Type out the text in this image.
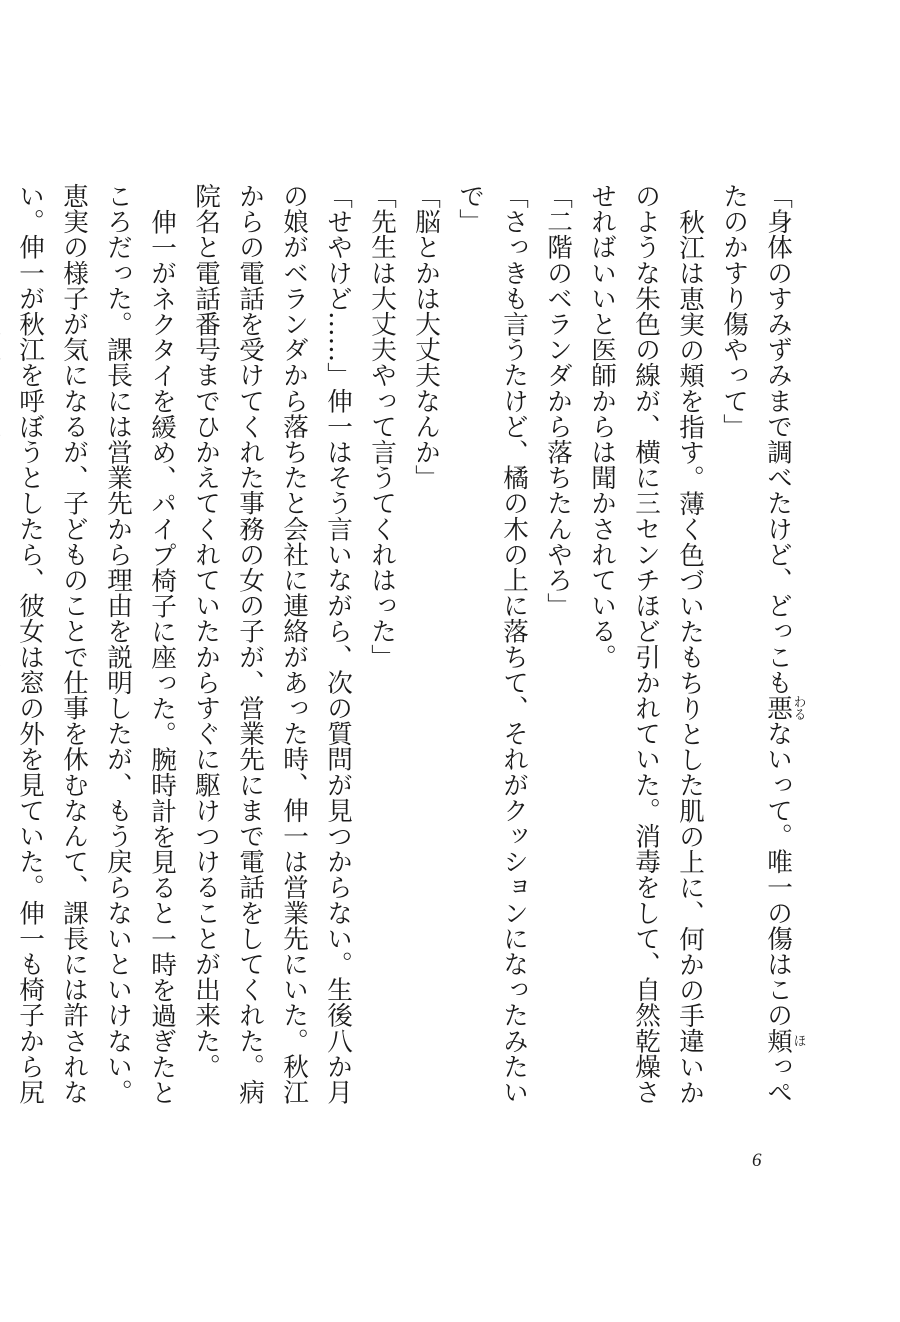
「身体のすみずみまで調べたけど、どっこも悪わるないって。唯一の傷はこの頬ほっぺたのかすり傷やって」

秋江は恵実の頬を指す。薄く色づいたもちりとした肌の上に、何かの手違いかのような朱色の線が、横に三センチほど引かれていた。消毒をして、自然乾燥させればいいと医師からは聞かされている。

「二階のベランダから落ちたんやろ」

「さっきも言うたけど、橘の木の上に落ちて、それがクッションになったみたいで」

「脳とかは大丈夫なんか」

「先生は大丈夫やって言うてくれはった」

「せやけど……」伸一はそう言いながら、次の質問が見つからない。生後八か月の娘がベランダから落ちたと会社に連絡があった時、伸一は営業先にいた。秋江からの電話を受けてくれた事務の女の子が、営業先にまで電話をしてくれた。病院名と電話番号までひかえてくれていたからすぐに駆けつけることが出来た。

伸一がネクタイを緩め、パイプ椅子に座った。腕時計を見ると一時を過ぎたところだった。課長には営業先から理由を説明したが、もう戻らないといけない。恵実の様子が気になるが、子どものことで仕事を休むなんて、課長には許されない。伸一が秋江を呼ぼうとしたら、彼女は窓の外を見ていた。伸一も椅子から尻

6
